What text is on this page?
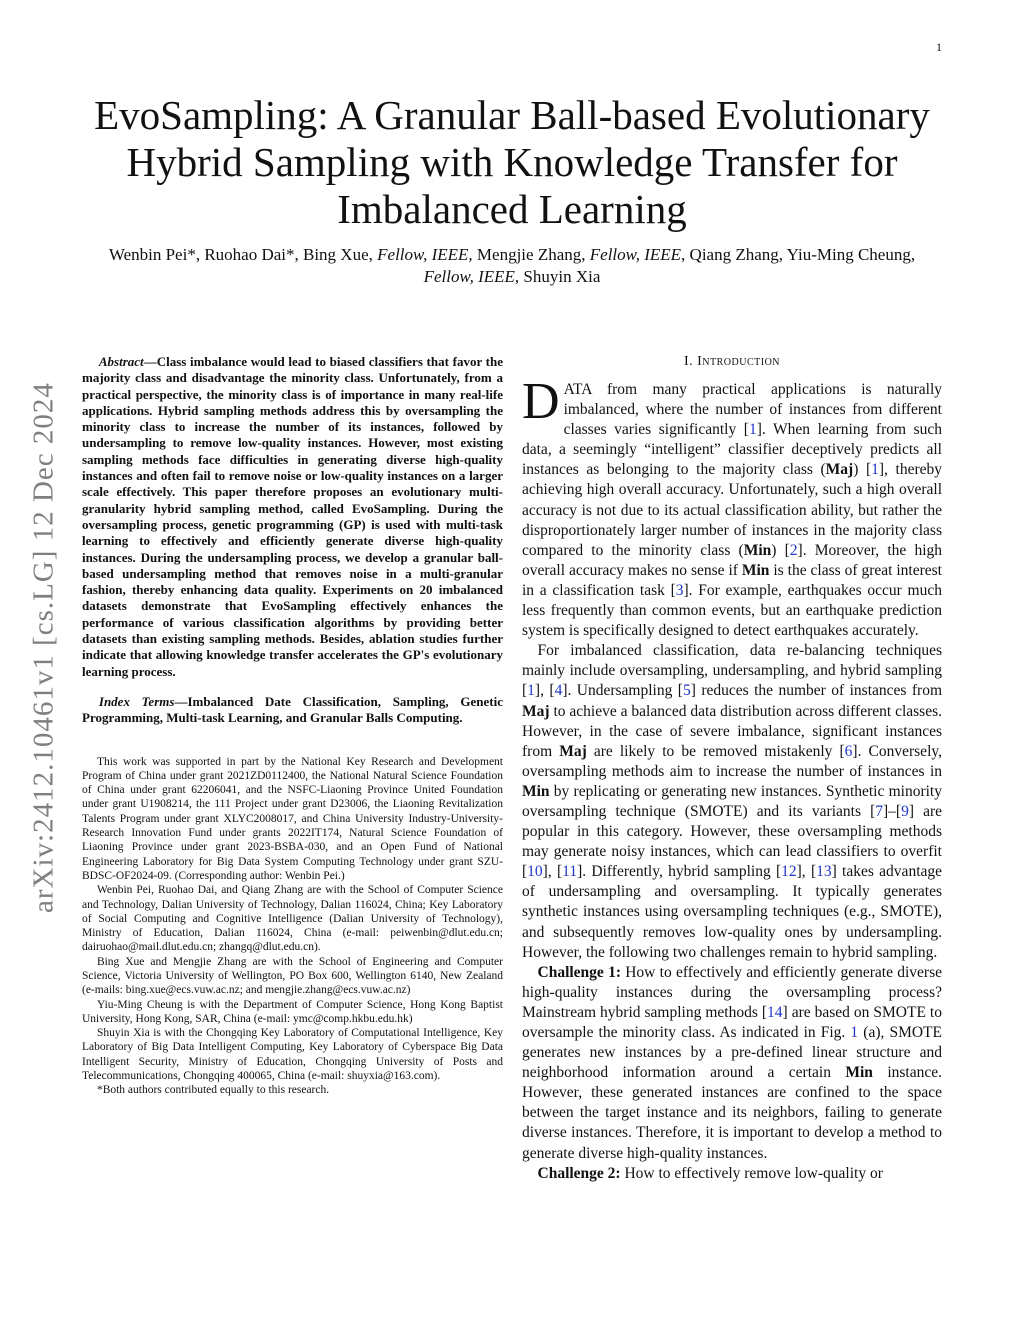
1
arXiv:2412.10461v1 [cs.LG] 12 Dec 2024
EvoSampling: A Granular Ball-based Evolutionary Hybrid Sampling with Knowledge Transfer for Imbalanced Learning

Wenbin Pei*, Ruohao Dai*, Bing Xue, Fellow, IEEE, Mengjie Zhang, Fellow, IEEE, Qiang Zhang, Yiu-Ming Cheung, Fellow, IEEE, Shuyin Xia

Abstract—Class imbalance would lead to biased classifiers that favor the majority class and disadvantage the minority class. Unfortunately, from a practical perspective, the minority class is of importance in many real-life applications. Hybrid sampling methods address this by oversampling the minority class to increase the number of its instances, followed by undersampling to remove low-quality instances. However, most existing sampling methods face difficulties in generating diverse high-quality instances and often fail to remove noise or low-quality instances on a larger scale effectively. This paper therefore proposes an evolutionary multi-granularity hybrid sampling method, called EvoSampling. During the oversampling process, genetic programming (GP) is used with multi-task learning to effectively and efficiently generate diverse high-quality instances. During the undersampling process, we develop a granular ball-based undersampling method that removes noise in a multi-granular fashion, thereby enhancing data quality. Experiments on 20 imbalanced datasets demonstrate that EvoSampling effectively enhances the performance of various classification algorithms by providing better datasets than existing sampling methods. Besides, ablation studies further indicate that allowing knowledge transfer accelerates the GP's evolutionary learning process.

Index Terms—Imbalanced Date Classification, Sampling, Genetic Programming, Multi-task Learning, and Granular Balls Computing.

This work was supported in part by the National Key Research and Development Program of China under grant 2021ZD0112400, the National Natural Science Foundation of China under grant 62206041, and the NSFC-Liaoning Province United Foundation under grant U1908214, the 111 Project under grant D23006, the Liaoning Revitalization Talents Program under grant XLYC2008017, and China University Industry-University-Research Innovation Fund under grants 2022IT174, Natural Science Foundation of Liaoning Province under grant 2023-BSBA-030, and an Open Fund of National Engineering Laboratory for Big Data System Computing Technology under grant SZU-BDSC-OF2024-09. (Corresponding author: Wenbin Pei.)

Wenbin Pei, Ruohao Dai, and Qiang Zhang are with the School of Computer Science and Technology, Dalian University of Technology, Dalian 116024, China; Key Laboratory of Social Computing and Cognitive Intelligence (Dalian University of Technology), Ministry of Education, Dalian 116024, China (e-mail: peiwenbin@dlut.edu.cn; dairuohao@mail.dlut.edu.cn; zhangq@dlut.edu.cn).

Bing Xue and Mengjie Zhang are with the School of Engineering and Computer Science, Victoria University of Wellington, PO Box 600, Wellington 6140, New Zealand (e-mails: bing.xue@ecs.vuw.ac.nz; and mengjie.zhang@ecs.vuw.ac.nz)

Yiu-Ming Cheung is with the Department of Computer Science, Hong Kong Baptist University, Hong Kong, SAR, China (e-mail: ymc@comp.hkbu.edu.hk)

Shuyin Xia is with the Chongqing Key Laboratory of Computational Intelligence, Key Laboratory of Big Data Intelligent Computing, Key Laboratory of Cyberspace Big Data Intelligent Security, Ministry of Education, Chongqing University of Posts and Telecommunications, Chongqing 400065, China (e-mail: shuyxia@163.com).

*Both authors contributed equally to this research.

I. Introduction

DATA from many practical applications is naturally imbalanced, where the number of instances from different classes varies significantly [1]. When learning from such data, a seemingly “intelligent” classifier deceptively predicts all instances as belonging to the majority class (Maj) [1], thereby achieving high overall accuracy. Unfortunately, such a high overall accuracy is not due to its actual classification ability, but rather the disproportionately larger number of instances in the majority class compared to the minority class (Min) [2]. Moreover, the high overall accuracy makes no sense if Min is the class of great interest in a classification task [3]. For example, earthquakes occur much less frequently than common events, but an earthquake prediction system is specifically designed to detect earthquakes accurately.

For imbalanced classification, data re-balancing techniques mainly include oversampling, undersampling, and hybrid sampling [1], [4]. Undersampling [5] reduces the number of instances from Maj to achieve a balanced data distribution across different classes. However, in the case of severe imbalance, significant instances from Maj are likely to be removed mistakenly [6]. Conversely, oversampling methods aim to increase the number of instances in Min by replicating or generating new instances. Synthetic minority oversampling technique (SMOTE) and its variants [7]–[9] are popular in this category. However, these oversampling methods may generate noisy instances, which can lead classifiers to overfit [10], [11]. Differently, hybrid sampling [12], [13] takes advantage of undersampling and oversampling. It typically generates synthetic instances using oversampling techniques (e.g., SMOTE), and subsequently removes low-quality ones by undersampling. However, the following two challenges remain to hybrid sampling.

Challenge 1: How to effectively and efficiently generate diverse high-quality instances during the oversampling process? Mainstream hybrid sampling methods [14] are based on SMOTE to oversample the minority class. As indicated in Fig. 1 (a), SMOTE generates new instances by a pre-defined linear structure and neighborhood information around a certain Min instance. However, these generated instances are confined to the space between the target instance and its neighbors, failing to generate diverse instances. Therefore, it is important to develop a method to generate diverse high-quality instances.

Challenge 2: How to effectively remove low-quality or
